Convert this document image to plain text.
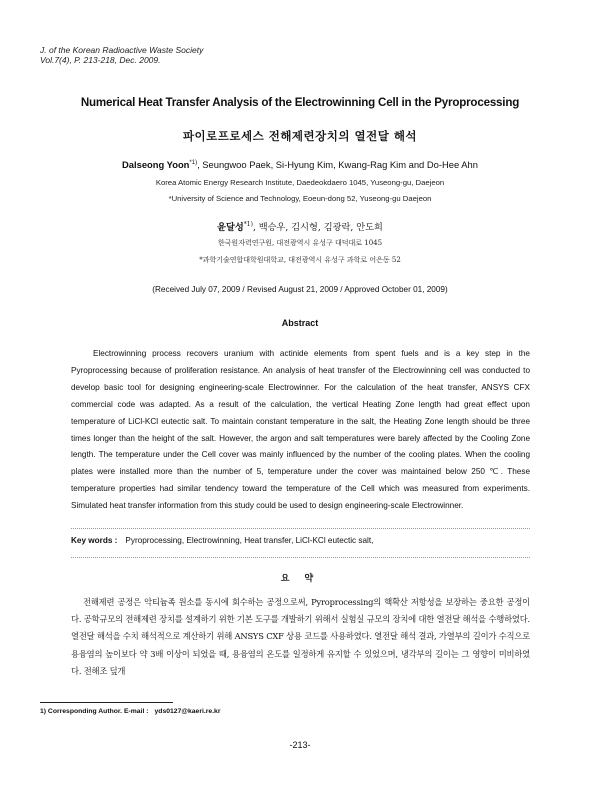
J. of the Korean Radioactive Waste Society
Vol.7(4), P. 213-218, Dec. 2009.
Numerical Heat Transfer Analysis of the Electrowinning Cell in the Pyroprocessing
파이로프로세스 전해제련장치의 열전달 해석
Dalseong Yoon$^{*1)}$, Seungwoo Paek, Si-Hyung Kim, Kwang-Rag Kim and Do-Hee Ahn
Korea Atomic Energy Research Institute, Daedeokdaero 1045, Yuseong-gu, Daejeon
*University of Science and Technology, Eoeun-dong 52, Yuseong-gu Daejeon
윤달성$^{*1)}$, 백승우, 김시형, 김광락, 안도희
한국원자력연구원, 대전광역시 유성구 대덕대로 1045
*과학기술연합대학원대학교, 대전광역시 유성구 과학로 어은동 52
(Received July 07, 2009 / Revised August 21, 2009 / Approved October 01, 2009)
Abstract

Electrowinning process recovers uranium with actinide elements from spent fuels and is a key step in the Pyroprocessing because of proliferation resistance. An analysis of heat transfer of the Electrowinning cell was conducted to develop basic tool for designing engineering-scale Electrowinner. For the calculation of the heat transfer, ANSYS CFX commercial code was adapted. As a result of the calculation, the vertical Heating Zone length had great effect upon temperature of LiCl-KCl eutectic salt. To maintain constant temperature in the salt, the Heating Zone length should be three times longer than the height of the salt. However, the argon and salt temperatures were barely affected by the Cooling Zone length. The temperature under the Cell cover was mainly influenced by the number of the cooling plates. When the cooling plates were installed more than the number of 5, temperature under the cover was maintained below 250 ℃. These temperature properties had similar tendency toward the temperature of the Cell which was measured from experiments. Simulated heat transfer information from this study could be used to design engineering-scale Electrowinner.

Key words : Pyroprocessing, Electrowinning, Heat transfer, LiCl-KCl eutectic salt,
요 약

전해제련 공정은 악티늄족 원소를 동시에 회수하는 공정으로써, Pyroprocessing의 핵확산 저항성을 보장하는 중요한 공정이다. 공학규모의 전해제련 장치를 설계하기 위한 기본 도구를 개발하기 위해서 실험실 규모의 장치에 대한 열전달 해석을 수행하였다. 열전달 해석을 수치 해석적으로 계산하기 위해 ANSYS CXF 상용 코드를 사용하였다. 열전달 해석 결과, 가열부의 길이가 수직으로 용융염의 높이보다 약 3배 이상이 되었을 때, 용융염의 온도를 일정하게 유지할 수 있었으며, 냉각부의 길이는 그 영향이 미비하였다. 전해조 덮개

1) Corresponding Author. E-mail : yds0127@kaeri.re.kr
-213-
